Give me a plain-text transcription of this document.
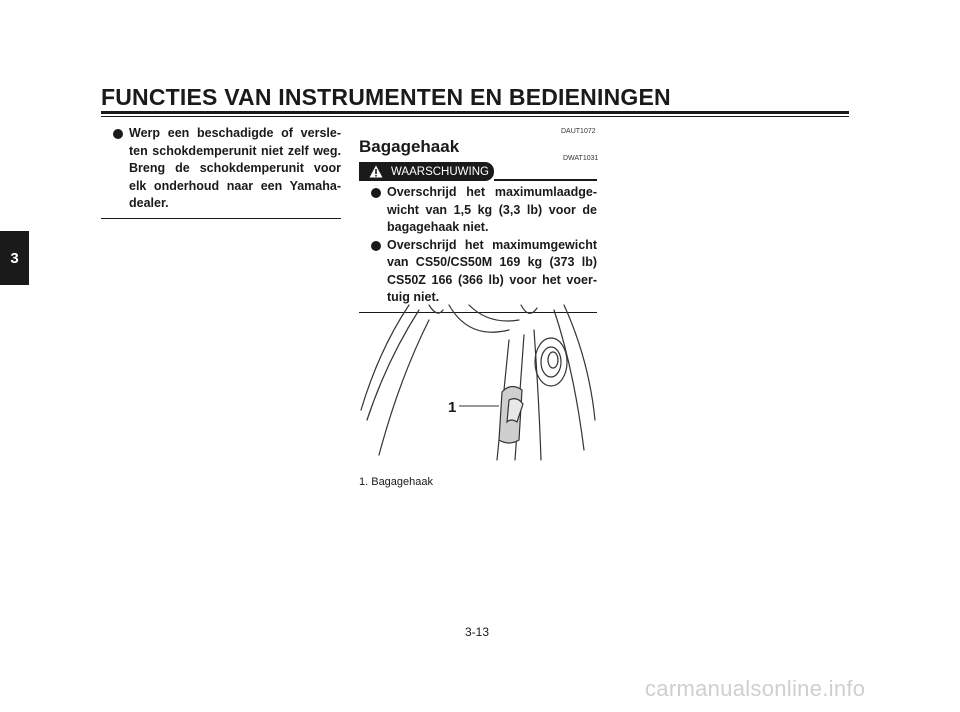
FUNCTIES VAN INSTRUMENTEN EN BEDIENINGEN
3
Werp een beschadigde of versle-ten schokdemperunit niet zelf weg. Breng de schokdemperunit voor elk onderhoud naar een Yamaha-dealer.
DAUT1072
Bagagehaak
DWAT1031
WAARSCHUWING
Overschrijd het maximumlaadge-wicht van 1,5 kg (3,3 lb) voor de bagagehaak niet.
Overschrijd het maximumgewicht van CS50/CS50M 169 kg (373 lb) CS50Z 166 (366 lb) voor het voer-tuig niet.
1
1. Bagagehaak
3-13
carmanualsonline.info
